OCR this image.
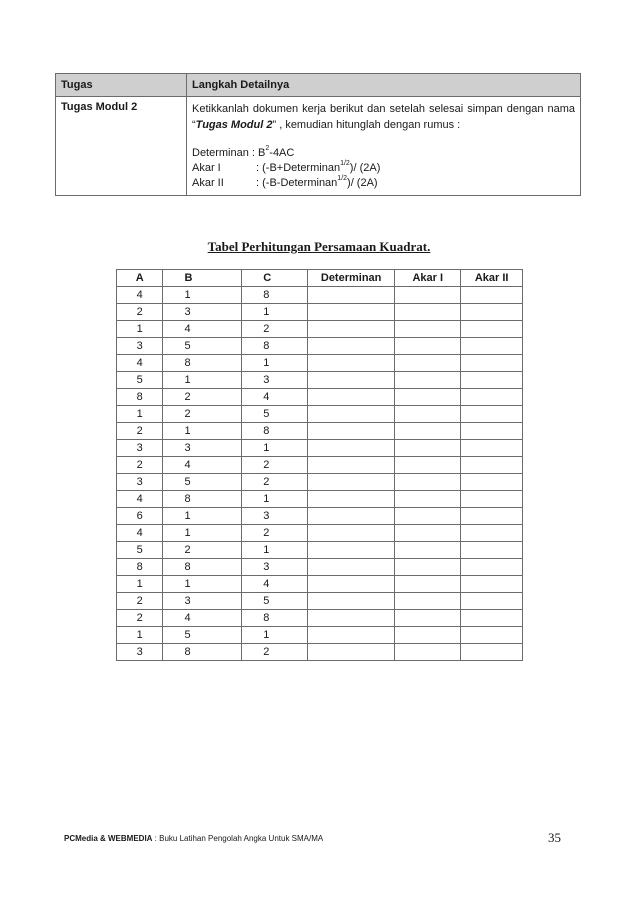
Tugas	Langkah Detailnya
Tugas Modul 2	Ketikkanlah dokumen kerja berikut dan setelah selesai simpan dengan nama “Tugas Modul 2” , kemudian hitunglah dengan rumus :
Determinan : $B^2-4AC$
Akar I : (-B+Determinan$^{1/2}$)/ (2A)
Akar II : (-B-Determinan$^{1/2}$)/ (2A)
Tabel Perhitungan Persamaan Kuadrat.
A	B	C	Determinan	Akar I	Akar II
4	1	8			
2	3	1			
1	4	2			
3	5	8			
4	8	1			
5	1	3			
8	2	4			
1	2	5			
2	1	8			
3	3	1			
2	4	2			
3	5	2			
4	8	1			
6	1	3			
4	1	2			
5	2	1			
8	8	3			
1	1	4			
2	3	5			
2	4	8			
1	5	1			
3	8	2			
PCMedia & WEBMEDIA : Buku Latihan Pengolah Angka Untuk SMA/MA	35
